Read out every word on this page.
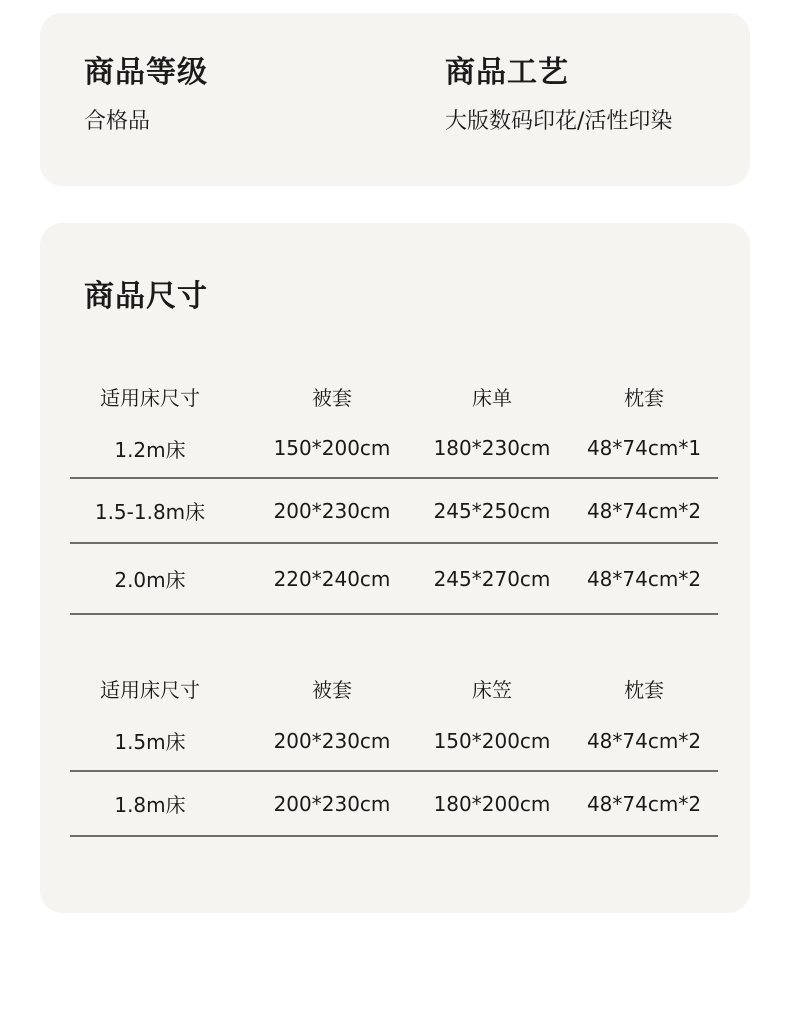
商品等级
合格品
商品工艺
大版数码印花/活性印染
商品尺寸
适用床尺寸	被套	床单	枕套
1.2m床	150*200cm	180*230cm	48*74cm*1
1.5-1.8m床	200*230cm	245*250cm	48*74cm*2
2.0m床	220*240cm	245*270cm	48*74cm*2
适用床尺寸	被套	床笠	枕套
1.5m床	200*230cm	150*200cm	48*74cm*2
1.8m床	200*230cm	180*200cm	48*74cm*2
